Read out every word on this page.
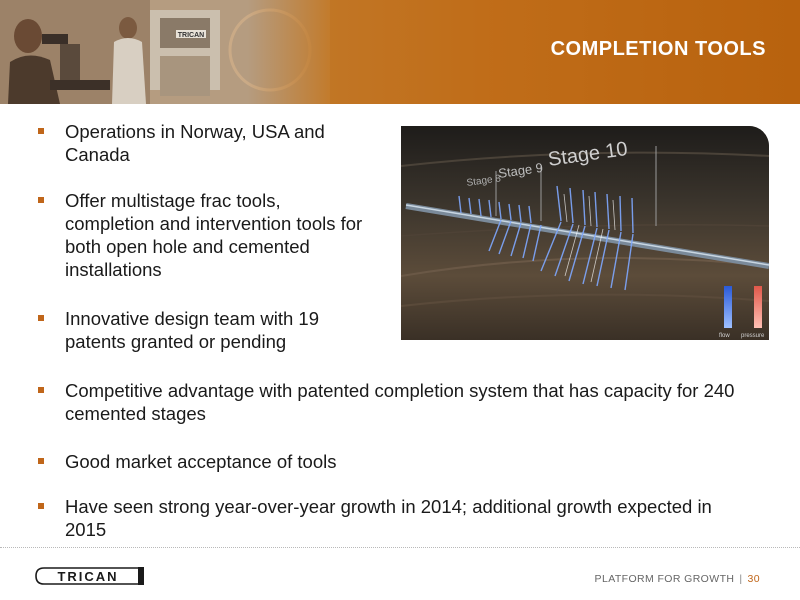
COMPLETION TOOLS
Operations in Norway, USA and Canada
Offer multistage frac tools, completion and intervention tools for both open hole and cemented installations
Innovative design team with 19 patents granted or pending
Competitive advantage with patented completion system that has capacity for 240 cemented stages
Good market acceptance of tools
Have seen strong year-over-year growth in 2014; additional growth expected in 2015
Stage 10
Stage 9
Stage 8
flow pressure
TRICAN	PLATFORM FOR GROWTH | 30
